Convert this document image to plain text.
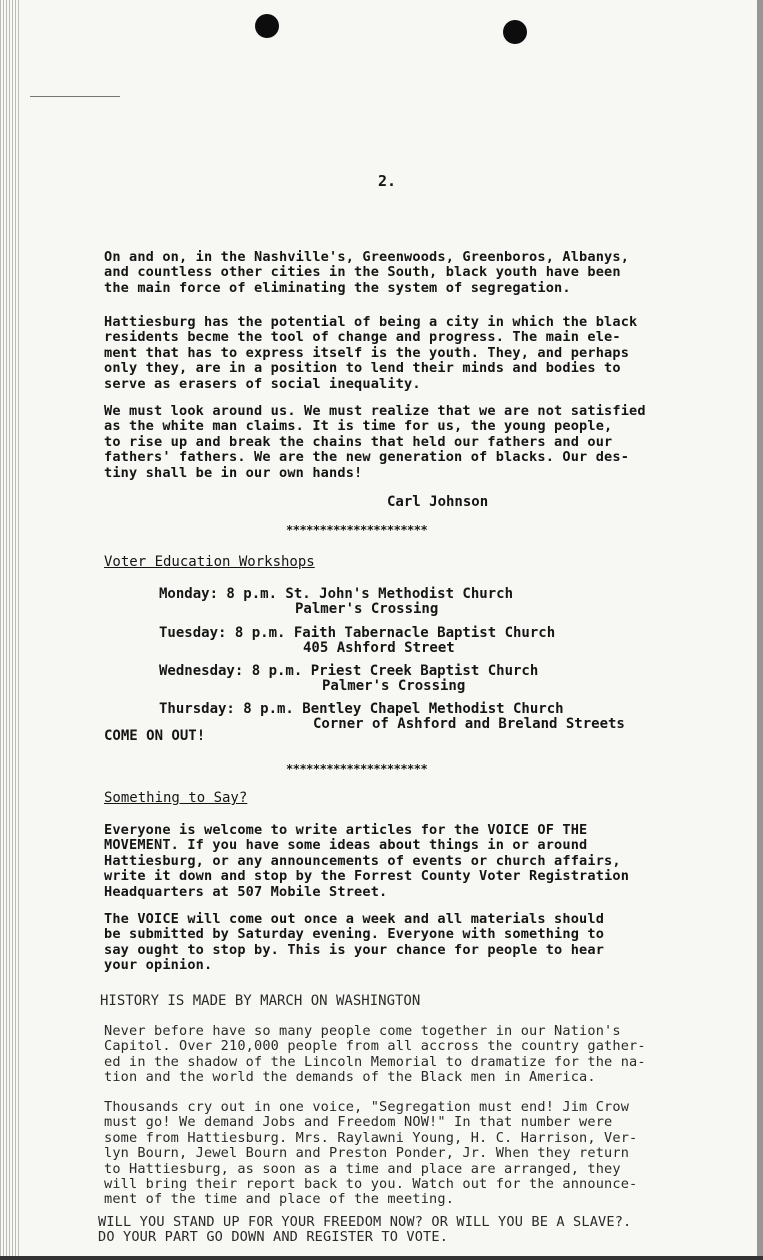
2.

On and on, in the Nashville's, Greenwoods, Greenboros, Albanys,
and countless other cities in the South, black youth have been
the main force of eliminating the system of segregation.

Hattiesburg has the potential of being a city in which the black
residents becme the tool of change and progress. The main ele-
ment that has to express itself is the youth. They, and perhaps
only they, are in a position to lend their minds and bodies to
serve as erasers of social inequality.

We must look around us. We must realize that we are not satisfied
as the white man claims. It is time for us, the young people,
to rise up and break the chains that held our fathers and our
fathers' fathers. We are the new generation of blacks. Our des-
tiny shall be in our own hands!

Carl Johnson
*********************
Voter Education Workshops
Monday: 8 p.m. St. John's Methodist Church
Palmer's Crossing
Tuesday: 8 p.m. Faith Tabernacle Baptist Church
405 Ashford Street
Wednesday: 8 p.m. Priest Creek Baptist Church
Palmer's Crossing
Thursday: 8 p.m. Bentley Chapel Methodist Church
Corner of Ashford and Breland Streets
COME ON OUT!
*********************
Something to Say?

Everyone is welcome to write articles for the VOICE OF THE
MOVEMENT. If you have some ideas about things in or around
Hattiesburg, or any announcements of events or church affairs,
write it down and stop by the Forrest County Voter Registration
Headquarters at 507 Mobile Street.

The VOICE will come out once a week and all materials should
be submitted by Saturday evening. Everyone with something to
say ought to stop by. This is your chance for people to hear
your opinion.

HISTORY IS MADE BY MARCH ON WASHINGTON

Never before have so many people come together in our Nation's
Capitol. Over 210,000 people from all accross the country gather-
ed in the shadow of the Lincoln Memorial to dramatize for the na-
tion and the world the demands of the Black men in America.

Thousands cry out in one voice, "Segregation must end! Jim Crow
must go! We demand Jobs and Freedom NOW!" In that number were
some from Hattiesburg. Mrs. Raylawni Young, H. C. Harrison, Ver-
lyn Bourn, Jewel Bourn and Preston Ponder, Jr. When they return
to Hattiesburg, as soon as a time and place are arranged, they
will bring their report back to you. Watch out for the announce-
ment of the time and place of the meeting.

WILL YOU STAND UP FOR YOUR FREEDOM NOW? OR WILL YOU BE A SLAVE?.
DO YOUR PART GO DOWN AND REGISTER TO VOTE.
